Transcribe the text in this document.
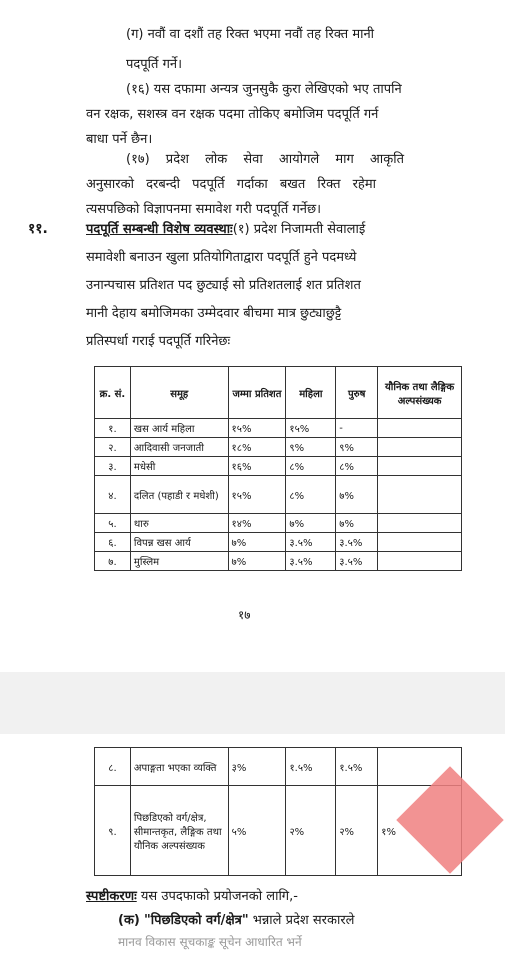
(ग) नवौं वा दशौं तह रिक्त भएमा नवौं तह रिक्त मानी
पदपूर्ति गर्ने।
(१६) यस दफामा अन्यत्र जुनसुकै कुरा लेखिएको भए तापनि
वन रक्षक, सशस्त्र वन रक्षक पदमा तोकिए बमोजिम पदपूर्ति गर्न
बाधा पर्ने छैन।
(१७) प्रदेश लोक सेवा आयोगले माग आकृति
अनुसारको दरबन्दी पदपूर्ति गर्दाका बखत रिक्त रहेमा
त्यसपछिको विज्ञापनमा समावेश गरी पदपूर्ति गर्नेछ।
११.	पदपूर्ति सम्बन्धी विशेष व्यवस्थाः(१) प्रदेश निजामती सेवालाई
समावेशी बनाउन खुला प्रतियोगिताद्वारा पदपूर्ति हुने पदमध्ये
उनान्पचास प्रतिशत पद छुट्याई सो प्रतिशतलाई शत प्रतिशत
मानी देहाय बमोजिमका उम्मेदवार बीचमा मात्र छुट्याछुट्टै
प्रतिस्पर्धा गराई पदपूर्ति गरिनेछः
क्र. सं.	समूह	जम्मा प्रतिशत	महिला	पुरुष	यौनिक तथा लैङ्गिक अल्पसंख्यक
१.	खस आर्य महिला	१५%	१५%	-	
२.	आदिवासी जनजाती	१८%	९%	९%	
३.	मधेसी	१६%	८%	८%	
४.	दलित (पहाडी र मधेशी)	१५%	८%	७%	
५.	थारु	१४%	७%	७%	
६.	विपन्न खस आर्य	७%	३.५%	३.५%	
७.	मुस्लिम	७%	३.५%	३.५%	
१७
८.	अपाङ्गता भएका व्यक्ति	३%	१.५%	१.५%	
९.	पिछडिएको वर्ग/क्षेत्र, सीमान्तकृत, लैङ्गिक तथा यौनिक अल्पसंख्यक	५%	२%	२%	१%
स्पष्टीकरणः यस उपदफाको प्रयोजनको लागि,-
(क) "पिछडिएको वर्ग/क्षेत्र" भन्नाले प्रदेश सरकारले
मानव विकास सूचकाङ्क सूचेन आधारित भर्ने
